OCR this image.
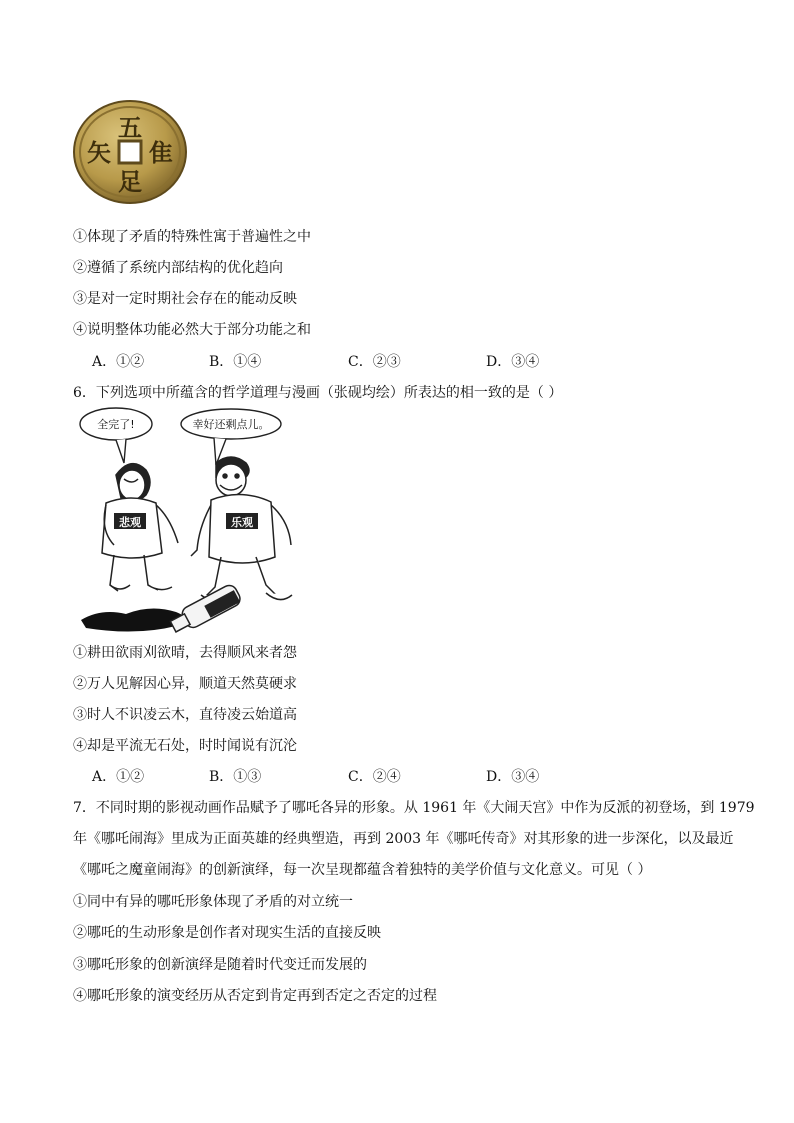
五
隹
足
矢
①体现了矛盾的特殊性寓于普遍性之中
②遵循了系统内部结构的优化趋向
③是对一定时期社会存在的能动反映
④说明整体功能必然大于部分功能之和
A．①②	B．①④	C．②③	D．③④
6．下列选项中所蕴含的哲学道理与漫画（张砚均绘）所表达的相一致的是（ ）
全完了!	幸好还剩点儿。
悲观	乐观
①耕田欲雨刈欲晴，去得顺风来者怨
②万人见解因心异，顺道天然莫硬求
③时人不识凌云木，直待凌云始道高
④却是平流无石处，时时闻说有沉沦
A．①②	B．①③	C．②④	D．③④
7．不同时期的影视动画作品赋予了哪吒各异的形象。从 1961 年《大闹天宫》中作为反派的初登场，到 1979
年《哪吒闹海》里成为正面英雄的经典塑造，再到 2003 年《哪吒传奇》对其形象的进一步深化，以及最近
《哪吒之魔童闹海》的创新演绎，每一次呈现都蕴含着独特的美学价值与文化意义。可见（ ）
①同中有异的哪吒形象体现了矛盾的对立统一
②哪吒的生动形象是创作者对现实生活的直接反映
③哪吒形象的创新演绎是随着时代变迁而发展的
④哪吒形象的演变经历从否定到肯定再到否定之否定的过程
